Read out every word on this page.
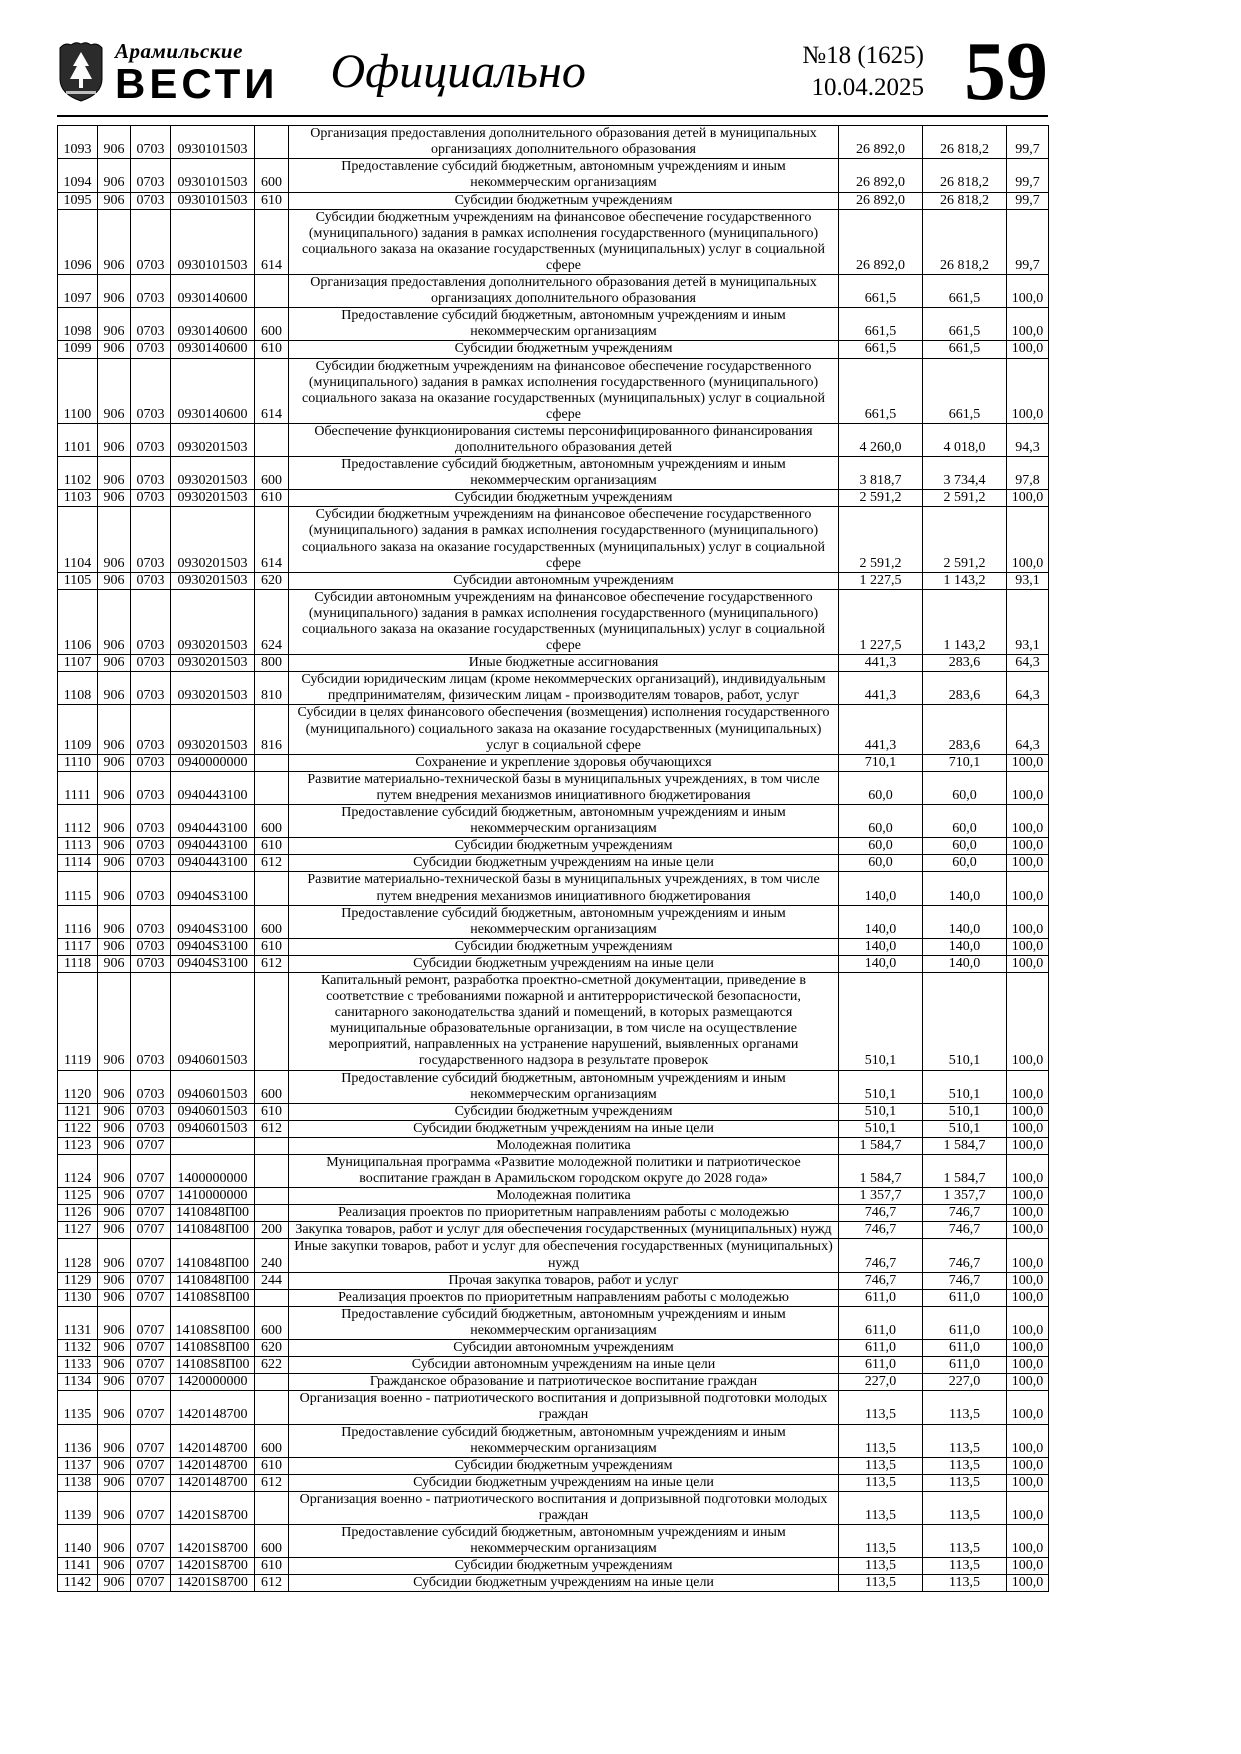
Арамильские
ВЕСТИ Официально	№18 (1625)
10.04.2025 59
1093	906	0703	0930101503		Организация предоставления дополнительного образования детей в муниципальных организациях дополнительного образования	26 892,0	26 818,2	99,7
1094	906	0703	0930101503	600	Предоставление субсидий бюджетным, автономным учреждениям и иным некоммерческим организациям	26 892,0	26 818,2	99,7
1095	906	0703	0930101503	610	Субсидии бюджетным учреждениям	26 892,0	26 818,2	99,7
1096	906	0703	0930101503	614	Субсидии бюджетным учреждениям на финансовое обеспечение государственного (муниципального) задания в рамках исполнения государственного (муниципального) социального заказа на оказание государственных (муниципальных) услуг в социальной сфере	26 892,0	26 818,2	99,7
1097	906	0703	0930140600		Организация предоставления дополнительного образования детей в муниципальных организациях дополнительного образования	661,5	661,5	100,0
1098	906	0703	0930140600	600	Предоставление субсидий бюджетным, автономным учреждениям и иным некоммерческим организациям	661,5	661,5	100,0
1099	906	0703	0930140600	610	Субсидии бюджетным учреждениям	661,5	661,5	100,0
1100	906	0703	0930140600	614	Субсидии бюджетным учреждениям на финансовое обеспечение государственного (муниципального) задания в рамках исполнения государственного (муниципального) социального заказа на оказание государственных (муниципальных) услуг в социальной сфере	661,5	661,5	100,0
1101	906	0703	0930201503		Обеспечение функционирования системы персонифицированного финансирования дополнительного образования детей	4 260,0	4 018,0	94,3
1102	906	0703	0930201503	600	Предоставление субсидий бюджетным, автономным учреждениям и иным некоммерческим организациям	3 818,7	3 734,4	97,8
1103	906	0703	0930201503	610	Субсидии бюджетным учреждениям	2 591,2	2 591,2	100,0
1104	906	0703	0930201503	614	Субсидии бюджетным учреждениям на финансовое обеспечение государственного (муниципального) задания в рамках исполнения государственного (муниципального) социального заказа на оказание государственных (муниципальных) услуг в социальной сфере	2 591,2	2 591,2	100,0
1105	906	0703	0930201503	620	Субсидии автономным учреждениям	1 227,5	1 143,2	93,1
1106	906	0703	0930201503	624	Субсидии автономным учреждениям на финансовое обеспечение государственного (муниципального) задания в рамках исполнения государственного (муниципального) социального заказа на оказание государственных (муниципальных) услуг в социальной сфере	1 227,5	1 143,2	93,1
1107	906	0703	0930201503	800	Иные бюджетные ассигнования	441,3	283,6	64,3
1108	906	0703	0930201503	810	Субсидии юридическим лицам (кроме некоммерческих организаций), индивидуальным предпринимателям, физическим лицам - производителям товаров, работ, услуг	441,3	283,6	64,3
1109	906	0703	0930201503	816	Субсидии в целях финансового обеспечения (возмещения) исполнения государственного (муниципального) социального заказа на оказание государственных (муниципальных) услуг в социальной сфере	441,3	283,6	64,3
1110	906	0703	0940000000		Сохранение и укрепление здоровья обучающихся	710,1	710,1	100,0
1111	906	0703	0940443100		Развитие материально-технической базы в муниципальных учреждениях, в том числе путем внедрения механизмов инициативного бюджетирования	60,0	60,0	100,0
1112	906	0703	0940443100	600	Предоставление субсидий бюджетным, автономным учреждениям и иным некоммерческим организациям	60,0	60,0	100,0
1113	906	0703	0940443100	610	Субсидии бюджетным учреждениям	60,0	60,0	100,0
1114	906	0703	0940443100	612	Субсидии бюджетным учреждениям на иные цели	60,0	60,0	100,0
1115	906	0703	09404S3100		Развитие материально-технической базы в муниципальных учреждениях, в том числе путем внедрения механизмов инициативного бюджетирования	140,0	140,0	100,0
1116	906	0703	09404S3100	600	Предоставление субсидий бюджетным, автономным учреждениям и иным некоммерческим организациям	140,0	140,0	100,0
1117	906	0703	09404S3100	610	Субсидии бюджетным учреждениям	140,0	140,0	100,0
1118	906	0703	09404S3100	612	Субсидии бюджетным учреждениям на иные цели	140,0	140,0	100,0
1119	906	0703	0940601503		Капитальный ремонт, разработка проектно-сметной документации, приведение в соответствие с требованиями пожарной и антитеррористической безопасности, санитарного законодательства зданий и помещений, в которых размещаются муниципальные образовательные организации, в том числе на осуществление мероприятий, направленных на устранение нарушений, выявленных органами государственного надзора в результате проверок	510,1	510,1	100,0
1120	906	0703	0940601503	600	Предоставление субсидий бюджетным, автономным учреждениям и иным некоммерческим организациям	510,1	510,1	100,0
1121	906	0703	0940601503	610	Субсидии бюджетным учреждениям	510,1	510,1	100,0
1122	906	0703	0940601503	612	Субсидии бюджетным учреждениям на иные цели	510,1	510,1	100,0
1123	906	0707			Молодежная политика	1 584,7	1 584,7	100,0
1124	906	0707	1400000000		Муниципальная программа «Развитие молодежной политики и патриотическое воспитание граждан в Арамильском городском округе до 2028 года»	1 584,7	1 584,7	100,0
1125	906	0707	1410000000		Молодежная политика	1 357,7	1 357,7	100,0
1126	906	0707	1410848П00		Реализация проектов по приоритетным направлениям работы с молодежью	746,7	746,7	100,0
1127	906	0707	1410848П00	200	Закупка товаров, работ и услуг для обеспечения государственных (муниципальных) нужд	746,7	746,7	100,0
1128	906	0707	1410848П00	240	Иные закупки товаров, работ и услуг для обеспечения государственных (муниципальных) нужд	746,7	746,7	100,0
1129	906	0707	1410848П00	244	Прочая закупка товаров, работ и услуг	746,7	746,7	100,0
1130	906	0707	14108S8П00		Реализация проектов по приоритетным направлениям работы с молодежью	611,0	611,0	100,0
1131	906	0707	14108S8П00	600	Предоставление субсидий бюджетным, автономным учреждениям и иным некоммерческим организациям	611,0	611,0	100,0
1132	906	0707	14108S8П00	620	Субсидии автономным учреждениям	611,0	611,0	100,0
1133	906	0707	14108S8П00	622	Субсидии автономным учреждениям на иные цели	611,0	611,0	100,0
1134	906	0707	1420000000		Гражданское образование и патриотическое воспитание граждан	227,0	227,0	100,0
1135	906	0707	1420148700		Организация военно - патриотического воспитания и допризывной подготовки молодых граждан	113,5	113,5	100,0
1136	906	0707	1420148700	600	Предоставление субсидий бюджетным, автономным учреждениям и иным некоммерческим организациям	113,5	113,5	100,0
1137	906	0707	1420148700	610	Субсидии бюджетным учреждениям	113,5	113,5	100,0
1138	906	0707	1420148700	612	Субсидии бюджетным учреждениям на иные цели	113,5	113,5	100,0
1139	906	0707	14201S8700		Организация военно - патриотического воспитания и допризывной подготовки молодых граждан	113,5	113,5	100,0
1140	906	0707	14201S8700	600	Предоставление субсидий бюджетным, автономным учреждениям и иным некоммерческим организациям	113,5	113,5	100,0
1141	906	0707	14201S8700	610	Субсидии бюджетным учреждениям	113,5	113,5	100,0
1142	906	0707	14201S8700	612	Субсидии бюджетным учреждениям на иные цели	113,5	113,5	100,0
